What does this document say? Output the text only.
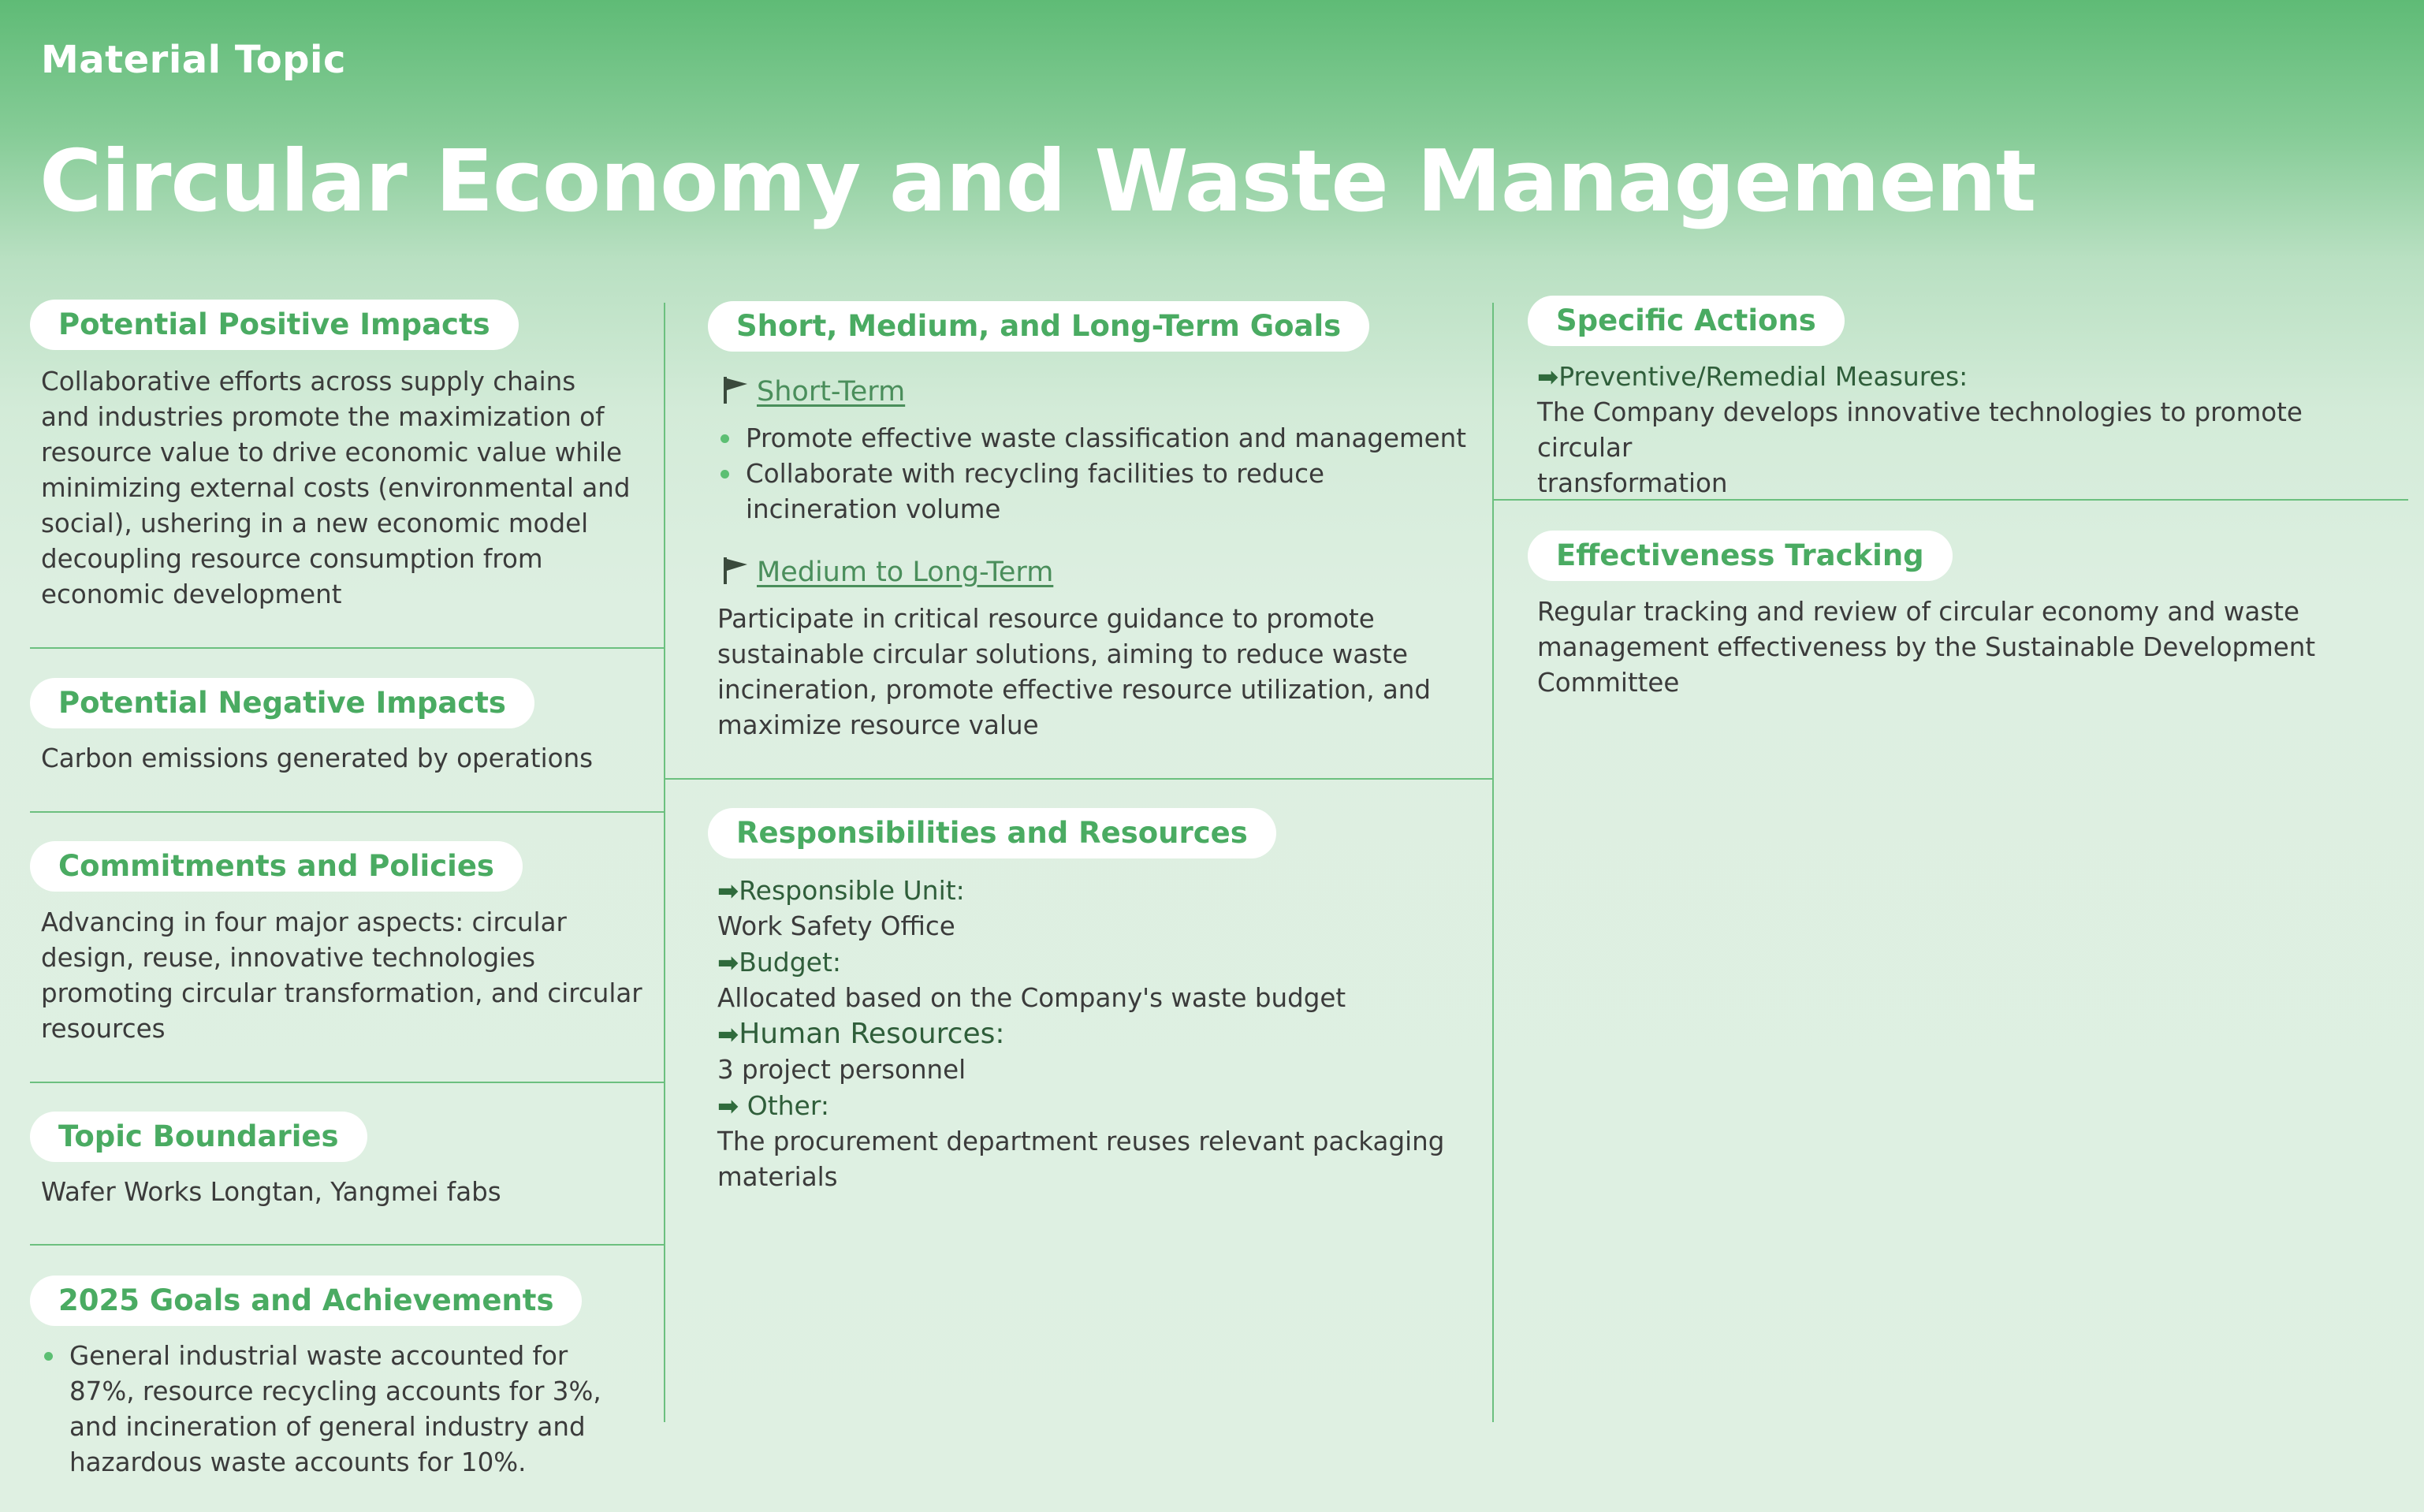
Material Topic
Circular Economy and Waste Management
Potential Positive Impacts
Collaborative efforts across supply chains
and industries promote the maximization of
resource value to drive economic value while
minimizing external costs (environmental and
social), ushering in a new economic model
decoupling resource consumption from
economic development
Potential Negative Impacts
Carbon emissions generated by operations
Commitments and Policies
Advancing in four major aspects: circular
design, reuse, innovative technologies
promoting circular transformation, and circular
resources
Topic Boundaries
Wafer Works Longtan, Yangmei fabs
2025 Goals and Achievements
General industrial waste accounted for
87%, resource recycling accounts for 3%,
and incineration of general industry and
hazardous waste accounts for 10%.
Short, Medium, and Long-Term Goals
Short-Term
Promote effective waste classification and management
Collaborate with recycling facilities to reduce
incineration volume
Medium to Long-Term
Participate in critical resource guidance to promote
sustainable circular solutions, aiming to reduce waste
incineration, promote effective resource utilization, and
maximize resource value
Responsibilities and Resources
➡Responsible Unit:
Work Safety Office
➡Budget:
Allocated based on the Company's waste budget
➡Human Resources:
3 project personnel
➡ Other:
The procurement department reuses relevant packaging
materials
Specific Actions
➡Preventive/Remedial Measures:
The Company develops innovative technologies to promote circular
transformation
Effectiveness Tracking
Regular tracking and review of circular economy and waste
management effectiveness by the Sustainable Development
Committee
